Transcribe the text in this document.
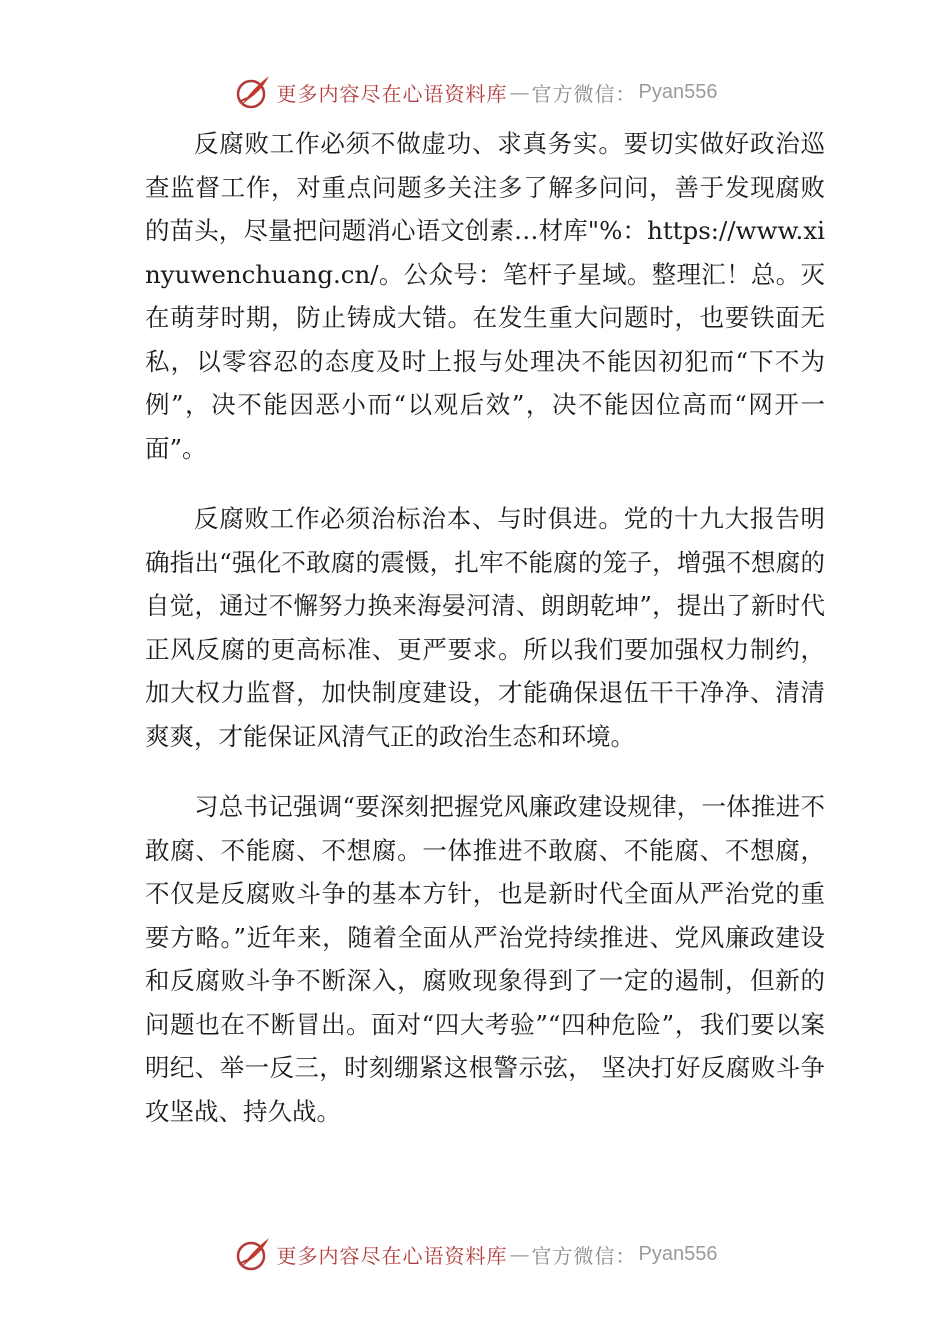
更多内容尽在心语资料库 — 官方微信： Pyan556

反腐败工作必须不做虚功、求真务实。要切实做好政治巡查监督工作，对重点问题多关注多了解多问问，善于发现腐败的苗头，尽量把问题消心语文创素…材库"%：https://www.xinyuwenchuang.cn/。公众号：笔杆子星域。整理汇！总。灭在萌芽时期，防止铸成大错。在发生重大问题时，也要铁面无私，以零容忍的态度及时上报与处理决不能因初犯而“下不为例”，决不能因恶小而“以观后效”，决不能因位高而“网开一面”。

反腐败工作必须治标治本、与时俱进。党的十九大报告明确指出“强化不敢腐的震慑，扎牢不能腐的笼子，增强不想腐的自觉，通过不懈努力换来海晏河清、朗朗乾坤”，提出了新时代正风反腐的更高标准、更严要求。所以我们要加强权力制约，加大权力监督，加快制度建设，才能确保退伍干干净净、清清爽爽，才能保证风清气正的政治生态和环境。

习总书记强调“要深刻把握党风廉政建设规律，一体推进不敢腐、不能腐、不想腐。一体推进不敢腐、不能腐、不想腐，不仅是反腐败斗争的基本方针，也是新时代全面从严治党的重要方略。”近年来，随着全面从严治党持续推进、党风廉政建设和反腐败斗争不断深入，腐败现象得到了一定的遏制，但新的问题也在不断冒出。面对“四大考验”“四种危险”，我们要以案明纪、举一反三，时刻绷紧这根警示弦， 坚决打好反腐败斗争攻坚战、持久战。

更多内容尽在心语资料库 — 官方微信： Pyan556
